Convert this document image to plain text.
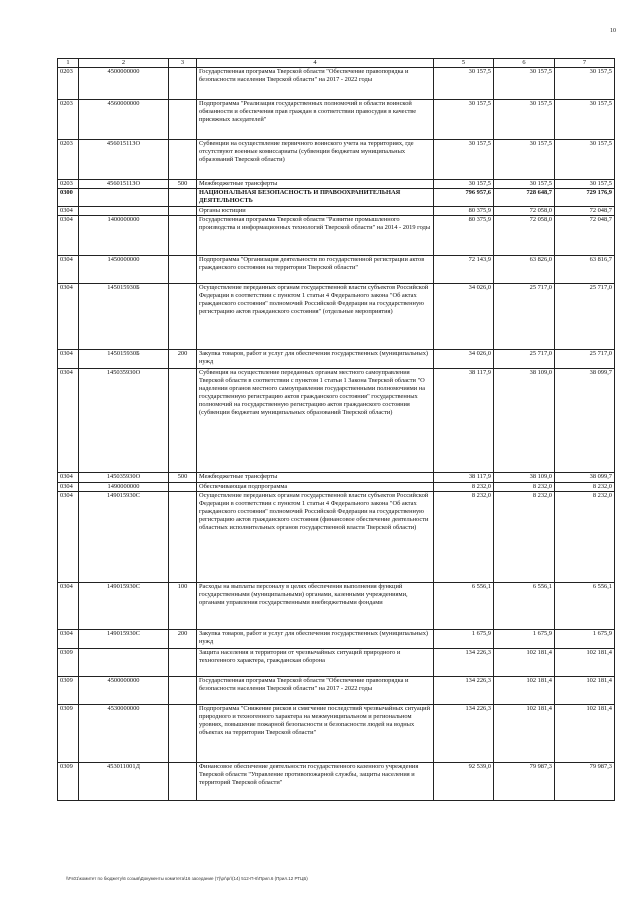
10
1	2	3	4	5	6	7
0203	4500000000		Государственная программа Тверской области "Обеспечение правопорядка и безопасности населения Тверской области" на 2017 - 2022 годы	30 157,5	30 157,5	30 157,5
0203	4560000000		Подпрограмма "Реализация государственных полномочий в области воинской обязанности и обеспечения прав граждан в соответствии правосудия в качестве присяжных заседателей"	30 157,5	30 157,5	30 157,5
0203	45601511ЗО		Субвенции на осуществление первичного воинского учета на территориях, где отсутствуют военные комиссариаты (субвенции бюджетам муниципальных образований Тверской области)	30 157,5	30 157,5	30 157,5
0203	45601511ЗО	500	Межбюджетные трансферты	30 157,5	30 157,5	30 157,5
0300			НАЦИОНАЛЬНАЯ БЕЗОПАСНОСТЬ И ПРАВООХРАНИТЕЛЬНАЯ ДЕЯТЕЛЬНОСТЬ	796 957,6	728 648,7	729 176,9
0304			Органы юстиции	80 375,9	72 058,0	72 048,7
0304	1400000000		Государственная программа Тверской области "Развитие промышленного производства и информационных технологий Тверской области" на 2014 - 2019 годы	80 375,9	72 058,0	72 048,7
0304	1450000000		Подпрограмма "Организация деятельности по государственной регистрации актов гражданского состояния на территории Тверской области"	72 143,9	63 826,0	63 816,7
0304	145015930Б		Осуществление переданных органам государственной власти субъектов Российской Федерации в соответствии с пунктом 1 статьи 4 Федерального закона "Об актах гражданского состояния" полномочий Российской Федерации на государственную регистрацию актов гражданского состояния" (отдельные мероприятия)	34 026,0	25 717,0	25 717,0
0304	145015930Б	200	Закупка товаров, работ и услуг для обеспечения государственных (муниципальных) нужд	34 026,0	25 717,0	25 717,0
0304	145035930О		Субвенция на осуществление переданных органам местного самоуправления Тверской области в соответствии с пунктом 1 статьи 1 Закона Тверской области "О наделении органов местного самоуправления государственными полномочиями на государственную регистрацию актов гражданского состояния" государственных полномочий на государственную регистрацию актов гражданского состояния (субвенции бюджетам муниципальных образований Тверской области)	38 117,9	38 109,0	38 099,7
0304	145035930О	500	Межбюджетные трансферты	38 117,9	38 109,0	38 099,7
0304	1490000000		Обеспечивающая подпрограмма	8 232,0	8 232,0	8 232,0
0304	149015930С		Осуществление переданных органам государственной власти субъектов Российской Федерации в соответствии с пунктом 1 статьи 4 Федерального закона "Об актах гражданского состояния" полномочий Российской Федерации на государственную регистрацию актов гражданского состояния (финансовое обеспечение деятельности областных исполнительных органов государственной власти Тверской области)	8 232,0	8 232,0	8 232,0
0304	149015930С	100	Расходы на выплаты персоналу в целях обеспечения выполнения функций государственными (муниципальными) органами, казенными учреждениями, органами управления государственными внебюджетными фондами	6 556,1	6 556,1	6 556,1
0304	149015930С	200	Закупка товаров, работ и услуг для обеспечения государственных (муниципальных) нужд	1 675,9	1 675,9	1 675,9
0309			Защита населения и территории от чрезвычайных ситуаций природного и техногенного характера, гражданская оборона	134 226,3	102 181,4	102 181,4
0309	4500000000		Государственная программа Тверской области "Обеспечение правопорядка и безопасности населения Тверской области" на 2017 - 2022 годы	134 226,3	102 181,4	102 181,4
0309	4530000000		Подпрограмма "Снижение рисков и смягчение последствий чрезвычайных ситуаций природного и техногенного характера на межмуниципальном и региональном уровнях, повышение пожарной безопасности и безопасности людей на водных объектах на территории Тверской области"	134 226,3	102 181,4	102 181,4
0309	453011001Д		Финансовое обеспечение деятельности государственного казенного учреждения Тверской области "Управление противопожарной службы, защиты населения и территорий Тверской области"	92 539,0	79 987,3	79 987,3
\\Fs01\комитет по бюджету\6 созыв\Документы комитета\16 заседание (7)\pr\pr\(14) 512-П-6\Прил.6 (Прил.12 РТЦБ)
